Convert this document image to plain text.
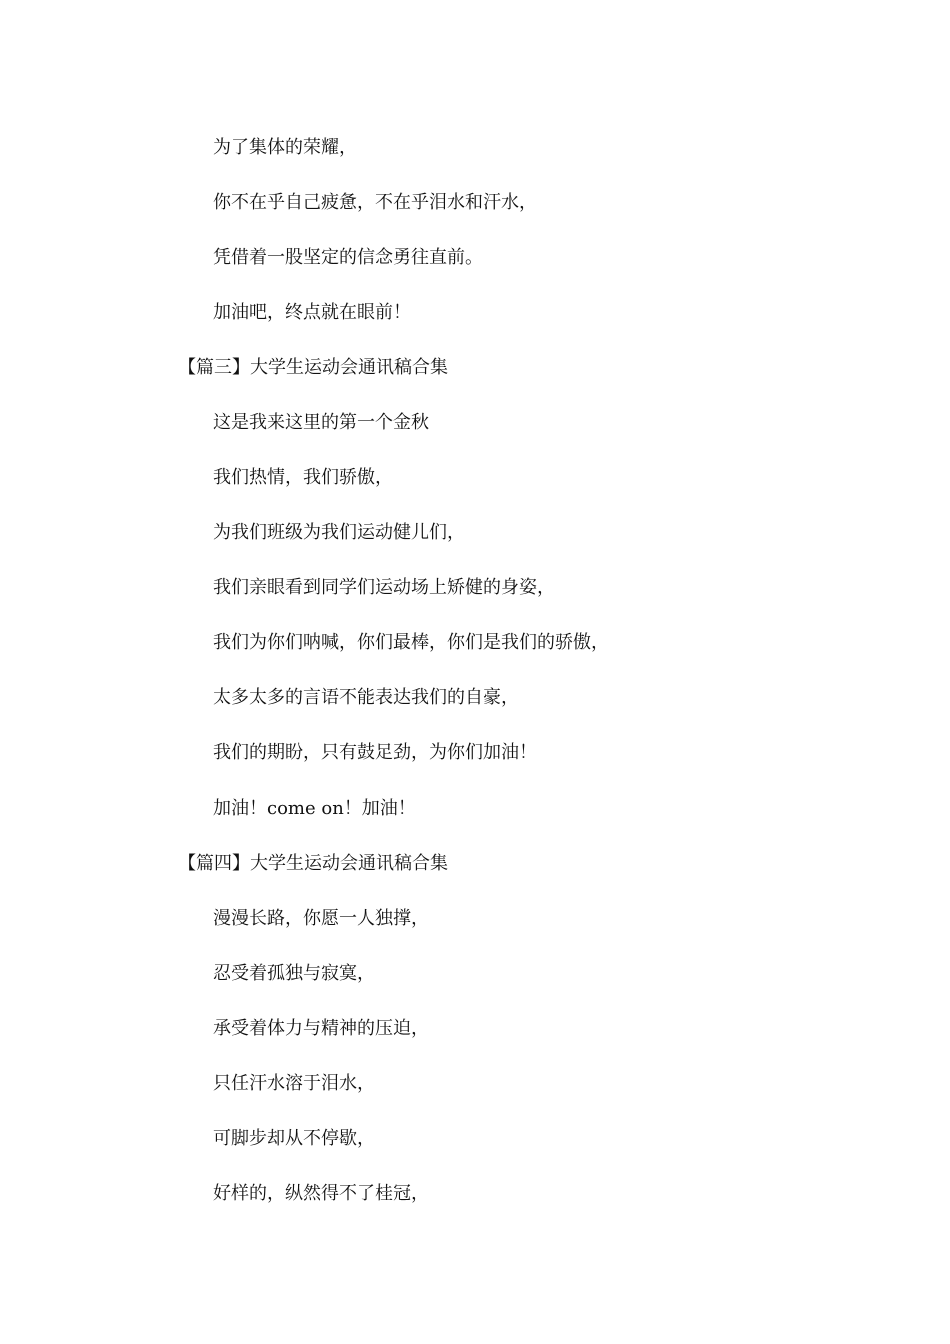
为了集体的荣耀，
你不在乎自己疲惫，不在乎泪水和汗水，
凭借着一股坚定的信念勇往直前。
加油吧，终点就在眼前！
【篇三】大学生运动会通讯稿合集
这是我来这里的第一个金秋
我们热情，我们骄傲，
为我们班级为我们运动健儿们，
我们亲眼看到同学们运动场上矫健的身姿，
我们为你们呐喊，你们最棒，你们是我们的骄傲，
太多太多的言语不能表达我们的自豪，
我们的期盼，只有鼓足劲，为你们加油！
加油！come on！加油！
【篇四】大学生运动会通讯稿合集
漫漫长路，你愿一人独撑，
忍受着孤独与寂寞，
承受着体力与精神的压迫，
只任汗水溶于泪水，
可脚步却从不停歇，
好样的，纵然得不了桂冠，
